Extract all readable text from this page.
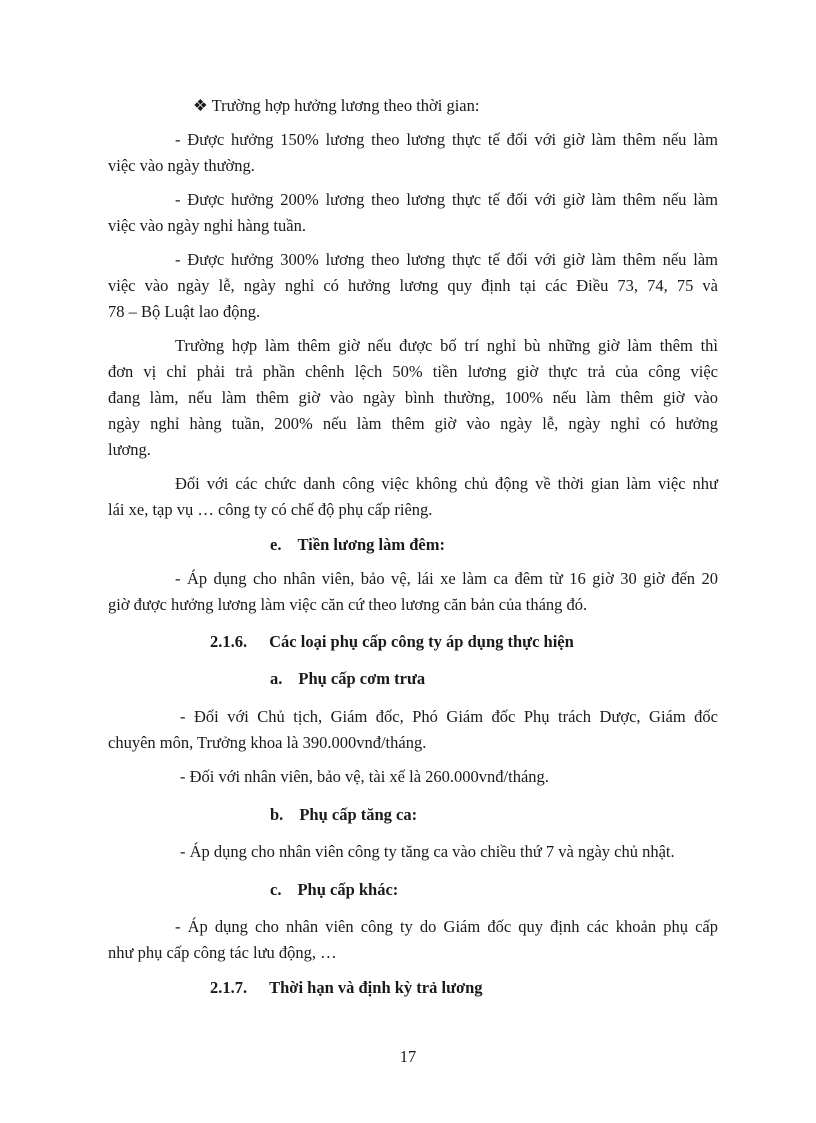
❖ Trường hợp hưởng lương theo thời gian:
- Được hưởng 150% lương theo lương thực tế đối với giờ làm thêm nếu làm
việc vào ngày thường.
- Được hưởng 200% lương theo lương thực tế đối với giờ làm thêm nếu làm
việc vào ngày nghỉ hàng tuần.
- Được hưởng 300% lương theo lương thực tế đối với giờ làm thêm nếu làm
việc vào ngày lễ, ngày nghỉ có hưởng lương quy định tại các Điều 73, 74, 75 và
78 – Bộ Luật lao động.
Trường hợp làm thêm giờ nếu được bố trí nghỉ bù những giờ làm thêm thì
đơn vị chỉ phải trả phần chênh lệch 50% tiền lương giờ thực trả của công việc
đang làm, nếu làm thêm giờ vào ngày bình thường, 100% nếu làm thêm giờ vào
ngày nghỉ hàng tuần, 200% nếu làm thêm giờ vào ngày lễ, ngày nghỉ có hưởng
lương.
Đối với các chức danh công việc không chủ động về thời gian làm việc như
lái xe, tạp vụ … công ty có chế độ phụ cấp riêng.
e. Tiền lương làm đêm:
- Áp dụng cho nhân viên, bảo vệ, lái xe làm ca đêm từ 16 giờ 30 giờ đến 20
giờ được hưởng lương làm việc căn cứ theo lương căn bản của tháng đó.
2.1.6. Các loại phụ cấp công ty áp dụng thực hiện
a. Phụ cấp cơm trưa
- Đối với Chủ tịch, Giám đốc, Phó Giám đốc Phụ trách Dược, Giám đốc
chuyên môn, Trưởng khoa là 390.000vnđ/tháng.
- Đối với nhân viên, bảo vệ, tài xế là 260.000vnđ/tháng.
b. Phụ cấp tăng ca:
- Áp dụng cho nhân viên công ty tăng ca vào chiều thứ 7 và ngày chủ nhật.
c. Phụ cấp khác:
- Áp dụng cho nhân viên công ty do Giám đốc quy định các khoản phụ cấp
như phụ cấp công tác lưu động, …
2.1.7. Thời hạn và định kỳ trả lương
17
